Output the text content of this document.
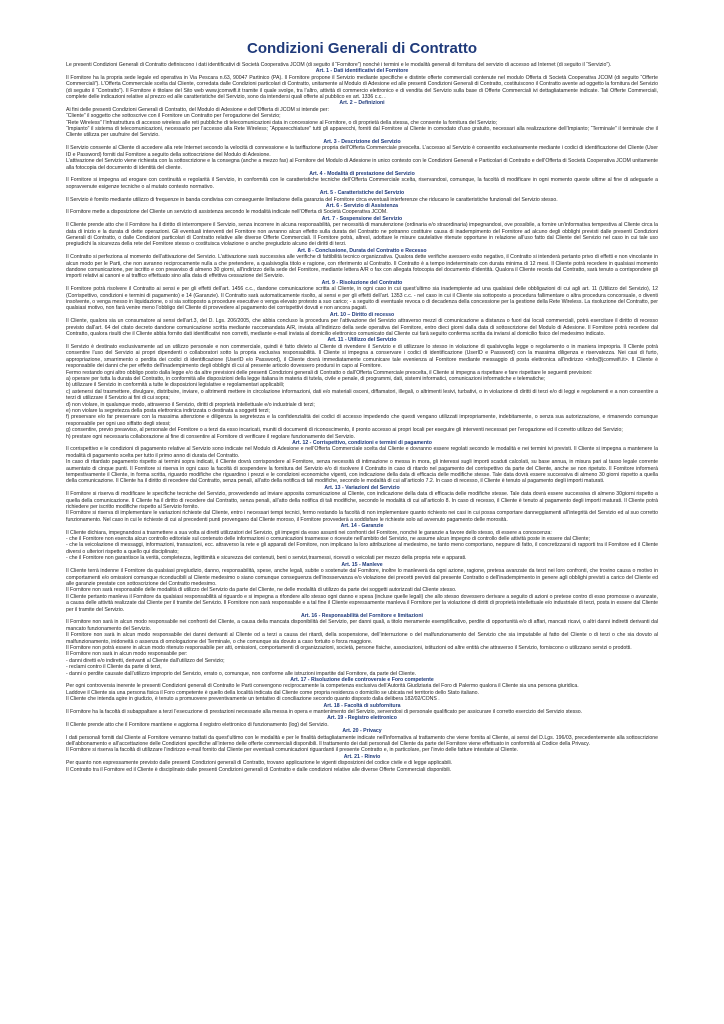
Condizioni Generali di Contratto

Le presenti Condizioni Generali di Contratto definiscono i dati identificativi di Società Cooperativa JCOM (di seguito il “Fornitore”) nonché i termini e le modalità generali di fornitura del servizio di accesso ad Internet (di seguito il “Servizio”).

Art. 1 - Dati identificativi del Fornitore

Il Fornitore ha la propria sede legale ed operativa in Via Pescara n.63, 90047 Partinico (PA). Il Fornitore propone il Servizio mediante specifiche e distinte offerte commerciali contenute nel modulo Offerta di Società Cooperativa JCOM (di seguito “Offerte Commerciali”). L’Offerta Commerciale scelta dal Cliente, corredata dalle Condizioni particolari di Contratto, unitamente al Modulo di Adesione ed alle presenti Condizioni Generali di Contratto, costituiscono il Contratto avente ad oggetto la fornitura del Servizio (di seguito il “Contratto”). Il Fornitore è titolare del Sito web www.jcomwifi.it tramite il quale svolge, tra l’altro, attività di commercio elettronico e di vendita del Servizio sulla base di Offerte Commerciali ivi dettagliatamente indicate. Tali Offerte Commerciali, complete delle indicazioni relative al prezzo ed alle caratteristiche del Servizio, sono da intendersi quali offerte al pubblico ex art. 1336 c.c. .

Art. 2 – Definizioni

Ai fini delle presenti Condizioni Generali di Contratto, del Modulo di Adesione e dell’Offerta di JCOM si intende per:

“Cliente” il soggetto che sottoscrive con il Fornitore un Contratto per l’erogazione del Servizio;

“Rete Wireless” l’infrastruttura di accesso wireless alle reti pubbliche di telecomunicazioni data in concessione al Fornitore, o di proprietà della stessa, che consente la fornitura del Servizio;

“Impianto” il sistema di telecomunicazioni, necessario per l’accesso alla Rete Wireless; “Apparecchiature” tutti gli apparecchi, forniti dal Fornitore al Cliente in comodato d’uso gratuito, necessari alla realizzazione dell’Impianto; “Terminale” il terminale che il Cliente utilizza per usufruire del Servizio.

Art. 3 - Descrizione del Servizio

Il Servizio consente al Cliente di accedere alla rete Internet secondo la velocità di connessione e la tariffazione propria dell’Offerta Commerciale prescelta. L’accesso al Servizio è consentito esclusivamente mediante i codici di identificazione del Cliente (User ID e Password) forniti dal Fornitore a seguito della sottoscrizione del Modulo di Adesione.

L’attivazione del Servizio viene richiesta con la sottoscrizione e la consegna (anche a mezzo fax) al Fornitore del Modulo di Adesione in unico contesto con le Condizioni Generali e Particolari di Contratto e dell’Offerta di Società Cooperativa JCOM unitamente alla fotocopia del documento di identità del cliente.

Art. 4 - Modalità di prestazione del Servizio

Il Fornitore si impegna ad erogare con continuità e regolarità il Servizio, in conformità con le caratteristiche tecniche dell’Offerta Commerciale scelta, riservandosi, comunque, la facoltà di modificare in ogni momento queste ultime al fine di adeguarle a sopravvenute esigenze tecniche o al mutato contesto normativo.

Art. 5 - Caratteristiche del Servizio

Il Servizio è fornito mediante utilizzo di frequenze in banda condivisa con conseguente limitazione della garanzia del Fornitore circa eventuali interferenze che riducano le caratteristiche funzionali del Servizio stesso.

Art. 6 - Servizio di Assistenza

Il Fornitore mette a disposizione del Cliente un servizio di assistenza secondo le modalità indicate nell’Offerta di Società Cooperativa JCOM.

Art. 7 - Sospensione del Servizio

Il Cliente prende atto che il Fornitore ha il diritto di interrompere il Servizio, senza incorrere in alcuna responsabilità, per necessità di manutenzione (ordinaria e/o straordinaria) impegnandosi, ove possibile, a fornire un’informativa tempestiva al Cliente circa la data di inizio e la durata di dette operazioni. Gli eventuali interventi del Fornitore non avranno alcun effetto sulla durata del Contratto ne potranno costituire causa di inadempimento del Fornitore ad alcuno degli obblighi previsti dalle presenti Condizioni Generali di Contratto, o dalle Condizioni particolari di Contratto relative alle diverse Offerte Commerciali. Il Fornitore potrà, altresì, adottare le misure cautelative ritenute opportune in relazione all’uso fatto dal Cliente del Servizio nel caso in cui tale uso pregiudichi la sicurezza della rete del Fornitore stesso o costituisca violazione o anche pregiudizio alcuno dei diritti di terzi.

Art. 8 - Conclusione, Durata del Contratto e Recesso

Il Contratto si perfeziona al momento dell’attivazione del Servizio. L’attivazione sarà successiva alle verifiche di fattibilità tecnico organizzativa. Qualora dette verifiche avessero esito negativo, il Contratto si intenderà pertanto privo di effetti e non vincolante in alcun modo per le Parti, che non avranno reciprocamente nulla a che pretendere, a qualsivoglia titolo e ragione, con riferimento al Contratto. Il Contratto è a tempo indeterminato con durata minima di 12 mesi. Il Cliente potrà recedere in qualsiasi momento dandone comunicazione, per iscritto e con preavviso di almeno 30 giorni, all’indirizzo della sede del Fornitore, mediante lettera A/R o fax con allegata fotocopia del documento d’identità. Qualora il Cliente receda dal Contratto, sarà tenuto a corrispondere gli importi relativi ai canoni e al traffico effettuato sino alla data di effettiva cessazione del Servizio.

Art. 9 - Risoluzione del Contratto

Il Fornitore potrà risolvere il Contratto ai sensi e per gli effetti dell’art. 1456 c.c., dandone comunicazione scritta al Cliente, in ogni caso in cui quest’ultimo sia inadempiente ad una qualsiasi delle obbligazioni di cui agli art. 11 (Utilizzo del Servizio), 12 (Corrispettivo, condizioni e termini di pagamento) e 14 (Garanzie). Il Contratto sarà automaticamente risolto, ai sensi e per gli effetti dell’art. 1353 c.c. - nel caso in cui il Cliente sia sottoposto a procedura fallimentare o altra procedura concorsuale, o diventi insolvente, o venga messo in liquidazione, o si sia sottoposto a procedure esecutive o venga elevato protesto a suo carico; - a seguito di eventuale revoca o di decadenza della concessione per la gestione della Rete Wireless. La risoluzione del Contratto, per qualsiasi motivo, non farà venire meno l’obbligo del Cliente di provvedere al pagamento dei corrispettivi dovuti e non ancora pagati.

Art. 10 – Diritto di recesso

Il Cliente, qualora sia un consumatore ai sensi dell’art.3, del D. Lgs. 206/2005, che abbia concluso la procedura per l’attivazione del Servizio attraverso mezzi di comunicazione a distanza o fuori dai locali commerciali, potrà esercitare il diritto di recesso previsto dall’art. 64 del citato decreto dandone comunicazione scritta mediante raccomandata A/R, inviata all’indirizzo della sede operativa del Fornitore, entro dieci giorni dalla data di sottoscrizione del Modulo di Adesione. Il Fornitore potrà recedere dal Contratto, qualora risulti che il Cliente abbia fornito dati identificativi non corretti, mediante e-mail inviata al domicilio elettronico comunicato dal Cliente cui farà seguito conferma scritta da inviarsi al domicilio fisico del medesimo indicato.

Art. 11 - Utilizzo del Servizio

Il Servizio è destinato esclusivamente ad un utilizzo personale e non commerciale, quindi è fatto divieto al Cliente di rivendere il Servizio e di utilizzare lo stesso in violazione di qualsivoglia legge o regolamento o in maniera impropria. Il Cliente potrà consentire l’uso del Servizio ai propri dipendenti o collaboratori sotto la propria esclusiva responsabilità. Il Cliente si impegna a conservare i codici di identificazione (UserID e Password) con la massima diligenza e riservatezza. Nei casi di furto, appropriazione, smarrimento o perdita dei codici di identificazione (UserID e/o Password), il Cliente dovrà immediatamente comunicare tale evenienza al Fornitore mediante messaggio di posta elettronica all’indirizzo <info@jcomwifi.it>. Il Cliente è responsabile dei danni che per effetto dell’inadempimento degli obblighi di cui al presente articolo dovessero prodursi in capo al Fornitore.

Fermo restando ogni altro obbligo posto dalla legge e/o da altre previsioni delle presenti Condizioni generali di Contratto o dall’Offerta Commerciale prescelta, il Cliente si impegna a rispettare e fare rispettare le seguenti previsioni:

a) operare per tutta la durata del Contratto, in conformità alle disposizioni della legge italiana in materia di tutela, civile e penale, di programmi, dati, sistemi informatici, comunicazioni informatiche e telematiche;

b) utilizzare il Servizio in conformità a tutte le disposizioni legislative e regolamentari applicabili;

c) astenersi dal trasmettere, divulgare, distribuire, inviare, o altrimenti mettere in circolazione informazioni, dati e/o materiali osceni, diffamatori, illegali, o altrimenti lesivi, turbativi, o in violazione di diritti di terzi e/o di leggi e regolamenti e a non consentire a terzi di utilizzare il Servizio ai fini di cui sopra;

d) non violare, in qualunque modo, attraverso il Servizio, diritti di proprietà intellettuale e/o industriale di terzi;

e) non violare la segretezza della posta elettronica indirizzata o destinata a soggetti terzi;

f) preservare e/o far preservare con la massima attenzione e diligenza la segretezza e la confidenzialità dei codici di accesso impedendo che questi vengano utilizzati impropriamente, indebitamente, o senza sua autorizzazione, e rimanendo comunque responsabile per ogni uso siffatto degli stessi;

g) consentire, previo preavviso, al personale del Fornitore o a terzi da esso incaricati, muniti di documenti di riconoscimento, il pronto accesso ai propri locali per eseguire gli interventi necessari per l’erogazione ed il corretto utilizzo del Servizio;

h) prestare ogni necessaria collaborazione al fine di consentire al Fornitore di verificare il regolare funzionamento del Servizio.

Art. 12 - Corrispettivo, condizioni e termini di pagamento

Il corrispettivo e le condizioni di pagamento relative al Servizio sono indicate nel Modulo di Adesione e nell’Offerta Commerciale scelta dal Cliente e dovranno essere regolati secondo le modalità e nei termini ivi previsti. Il Cliente si impegna a mantenere la modalità di pagamento scelta per tutto il primo anno di durata del Contratto.

In caso di ritardato pagamento rispetto ai termini sopra indicati, il Cliente dovrà corrispondere al Fornitore, senza necessità di intimazione o messa in mora, gli interessi sugli importi scaduti calcolati, su base annua, in misura pari al tasso legale corrente aumentato di cinque punti. Il Fornitore si riserva in ogni caso la facoltà di sospendere la fornitura del Servizio e/o di risolvere il Contratto in caso di ritardo nel pagamento del corrispettivo da parte del Cliente, anche se non ripetuto. Il Fornitore informerà tempestivamente il Cliente, in forma scritta, riguardo modifiche che riguardino i prezzi e le condizioni economiche vigenti, con indicazione della data di efficacia delle modifiche stesse. Tale data dovrà essere successiva di almeno 30 giorni rispetto a quella della comunicazione. Il Cliente ha il diritto di recedere dal Contratto, senza penali, all’atto della notifica di tali modifiche, secondo le modalità di cui all’articolo 7.2. In caso di recesso, il Cliente è tenuto al pagamento degli importi maturati.

Art. 13 - Variazioni del Servizio

Il Fornitore si riserva di modificare le specifiche tecniche del Servizio, provvedendo ad inviare apposita comunicazione al Cliente, con indicazione della data di efficacia delle modifiche stesse. Tale data dovrà essere successiva di almeno 30giorni rispetto a quella della comunicazione. Il Cliente ha il diritto di recedere dal Contratto, senza penali, all’atto della notifica di tali modifiche, secondo le modalità di cui all’articolo 8. In caso di recesso, il Cliente è tenuto al pagamento degli importi maturati. Il Cliente potrà richiedere per iscritto modifiche rispetto al Servizio fornito.

Il Fornitore si riserva di implementare le variazioni richieste dal Cliente, entro i necessari tempi tecnici, fermo restando la facoltà di non implementare quanto richiesto nei casi in cui possa comportare danneggiamenti all’integrità del Servizio ed al suo corretto funzionamento. Nel caso in cui le richieste di cui al precedenti punti provengano dal Cliente moroso, il Fornitore provvederà a soddisfare le richieste solo ad avvenuto pagamento delle morosità.

Art. 14 - Garanzie

Il Cliente dichiara, impegnandosi a trasmettere a sua volta ai diretti utilizzatori del Servizio, gli impegni da esso assunti nei confronti del Fornitore, nonché le garanzie a favore dello stesso, di essere a conoscenza:

- che il Fornitore non esercita alcun controllo editoriale sul contenuto delle informazioni o comunicazioni trasmesse o ricevute nell’ambito del Servizio, ne assume alcun impegno di controllo delle attività poste in essere dal Cliente;

- che la veicolazione di messaggi, informazioni, transazioni, ecc. attraverso la rete e gli apparati del Fornitore, non implicano la loro attribuzione al medesimo, ne tanto meno comportano, neppure di fatto, il concretizzarsi di rapporti tra il Fornitore ed il Cliente diversi o ulteriori rispetto a quello qui disciplinato;

- che il Fornitore non garantisce la verità, completezza, legittimità e sicurezza dei contenuti, beni o servizi,trasmessi, ricevuti o veicolati per mezzo della propria rete e apparati.

Art. 15 - Manleve

Il Cliente terrà indenne il Fornitore da qualsiasi pregiudizio, danno, responsabilità, spese, anche legali, subite o sostenute dal Fornitore, inoltre lo manleverà da ogni azione, ragione, pretesa avanzate da terzi nei loro confronti, che trovino causa o motivo in comportamenti e/o omissioni comunque riconducibili al Cliente medesimo o siano comunque conseguenza dell’inosservanza e/o violazione dei precetti previsti dal presente Contratto o dell’inadempimento in genere agli obblighi previsti a carico del Cliente ed alle garanzie prestate con sottoscrizione del Contratto medesimo.

Il Fornitore non sarà responsabile delle modalità di utilizzo del Servizio da parte del Cliente, ne delle modalità di utilizzo da parte dei soggetti autorizzati dal Cliente stesso.

Il Cliente pertanto manleva il Fornitore da qualsiasi responsabilità al riguardo e si impegna a rifondere allo stesso ogni danno e spesa (incluse quelle legali) che allo stesso dovessero derivare a seguito di azioni o pretese contro di esso promosse o avanzate, a causa delle attività realizzate dal Cliente per il tramite del Servizio. Il Fornitore non sarà responsabile e a tal fine il Cliente espressamente manleva il Fornitore per la violazione di diritti di proprietà intellettuale e/o industriale di terzi, posta in essere dal Cliente per il tramite del Servizio.

Art. 16 - Responsabilità del Fornitore e limitazioni

Il Fornitore non sarà in alcun modo responsabile nei confronti del Cliente, a causa della mancata disponibilità del Servizio, per danni quali, a titolo meramente esemplificativo, perdite di opportunità e/o di affari, mancati ricavi, o altri danni indiretti derivanti dal mancato funzionamento del Servizio.

Il Fornitore non sarà in alcun modo responsabile dei danni derivanti al Cliente od a terzi a causa dei ritardi, della sospensione, dell’interruzione o del malfunzionamento del Servizio che sia imputabile al fatto del Cliente o di terzi o che sia dovuto al malfunzionamento, inidoneità o assenza di omologazione del Terminale, o che comunque sia dovuto a caso fortuito o forza maggiore.

Il Fornitore non potrà essere in alcun modo ritenuto responsabile per atti, omissioni, comportamenti di organizzazioni, società, persone fisiche, associazioni, istituzioni od altre entità che attraverso il Servizio, forniscono o utilizzano servizi o prodotti.

Il Fornitore non sarà in alcun modo responsabile per:

- danni diretti e/o indiretti, derivanti al Cliente dall’utilizzo del Servizio;

- reclami contro il Cliente da parte di terzi,

- danni o perdite causate dall’utilizzo improprio del Servizio, errato o, comunque, non conforme alle istruzioni impartite dal Fornitore, da parte del Cliente.

Art. 17 - Risoluzione delle controversie e Foro competente

Per ogni controversia inerente le presenti Condizioni generali di Contratto le Parti convengono reciprocamente la competenza esclusiva dell’Autorità Giudiziaria del Foro di Palermo qualora il Cliente sia una persona giuridica.

Laddove il Cliente sia una persona fisica il Foro competente è quello della località indicata dal Cliente come propria residenza o domicilio se ubicata nel territorio dello Stato italiano.

Il Cliente che intenda agire in giudizio, è tenuto a promuovere preventivamente un tentativo di conciliazione secondo quanto disposto dalla delibera 182/02/CONS .

Art. 18 - Facoltà di subfornitura

Il Fornitore ha la facoltà di subappaltare a terzi l’esecuzione di prestazioni necessarie alla messa in opera e mantenimento del Servizio, servendosi di personale qualificato per assicurare il corretto esercizio del Servizio stesso.

Art. 19 - Registro elettronico

Il Cliente prende atto che il Fornitore mantiene e aggiorna il registro elettronico di funzionamento (log) del Servizio.

Art. 20 - Privacy

I dati personali forniti dal Cliente al Fornitore verranno trattati da quest’ultimo con le modalità e per le finalità dettagliatamente indicate nell’informativa al trattamento che viene fornita al Cliente, ai sensi del D.Lgs. 196/03, precedentemente alla sottoscrizione dell’abbonamento e all’accettazione delle Condizioni specifiche all’interno delle offerte commerciali disponibili. Il trattamento dei dati personali del Cliente da parte del Fornitore viene effettuato in conformità al Codice della Privacy.

Il Fornitore si riserva la facoltà di utilizzare l’indirizzo e-mail fornito dal Cliente per eventuali comunicazioni riguardanti il presente Contratto e, in particolare, per l’invio delle fatture intestate al Cliente.

Art. 21 - Rinvio

Per quanto non espressamente previsto dalle presenti Condizioni generali di Contratto, trovano applicazione le vigenti disposizioni del codice civile e di legge applicabili.

Il Contratto tra il Fornitore ed il Cliente è disciplinato dalle presenti Condizioni generali di Contratto e dalle condizioni relative alle diverse Offerte Commerciali disponibili.
